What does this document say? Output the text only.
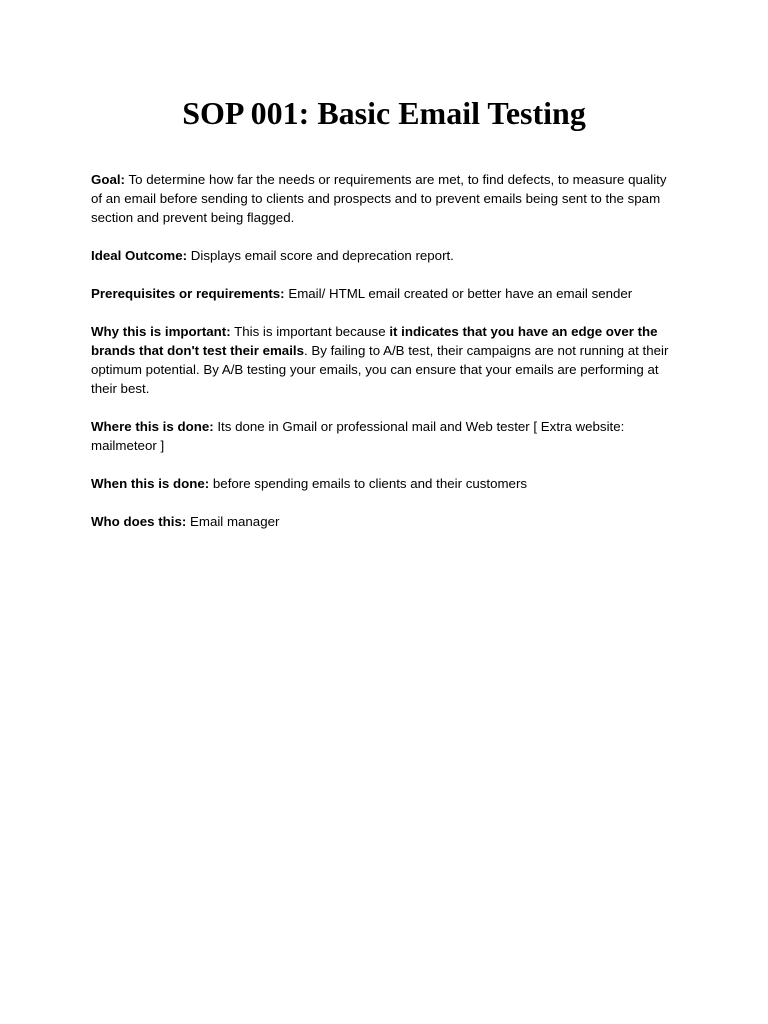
SOP 001: Basic Email Testing

Goal: To determine how far the needs or requirements are met, to find defects, to measure quality of an email before sending to clients and prospects and to prevent emails being sent to the spam section and prevent being flagged.

Ideal Outcome: Displays email score and deprecation report.

Prerequisites or requirements: Email/ HTML email created or better have an email sender

Why this is important: This is important because it indicates that you have an edge over the brands that don't test their emails. By failing to A/B test, their campaigns are not running at their optimum potential. By A/B testing your emails, you can ensure that your emails are performing at their best.

Where this is done: Its done in Gmail or professional mail and Web tester [ Extra website: mailmeteor ]

When this is done: before spending emails to clients and their customers

Who does this: Email manager
